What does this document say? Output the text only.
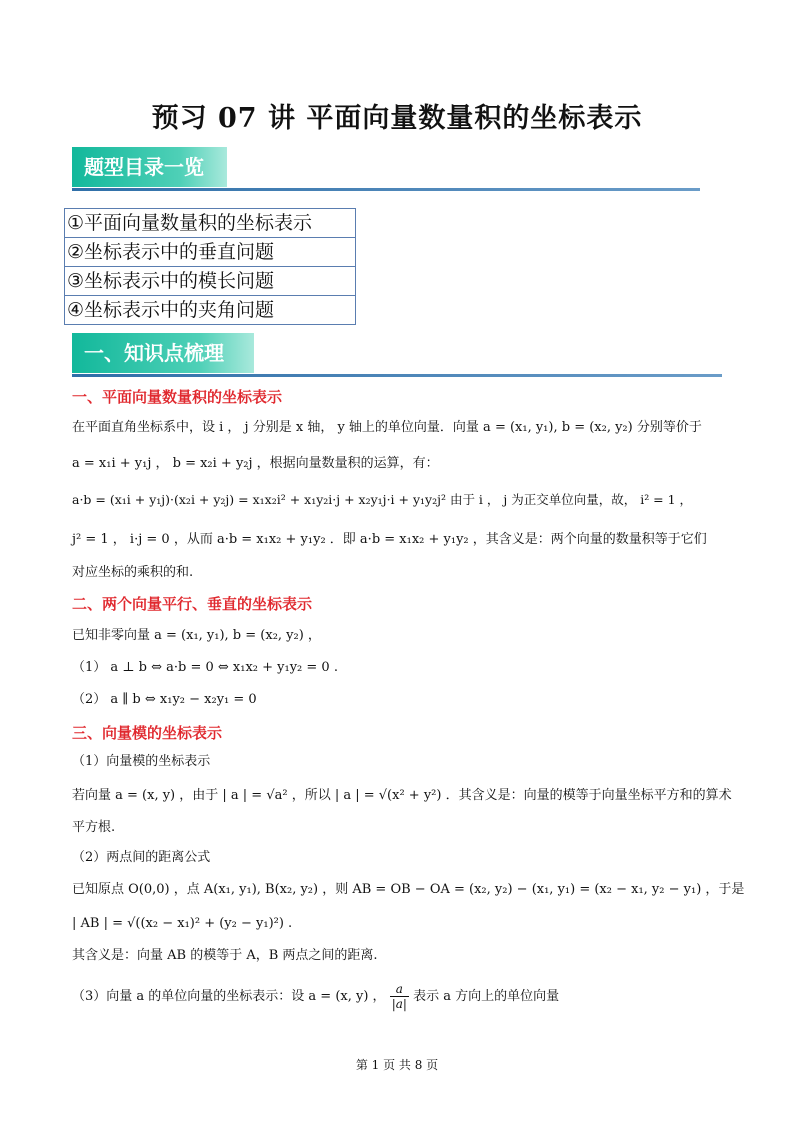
预习 07 讲 平面向量数量积的坐标表示
题型目录一览
①平面向量数量积的坐标表示
②坐标表示中的垂直问题
③坐标表示中的模长问题
④坐标表示中的夹角问题
一、知识点梳理
一、平面向量数量积的坐标表示
在平面直角坐标系中，设 i ， j 分别是 x 轴， y 轴上的单位向量．向量 a = (x₁, y₁), b = (x₂, y₂) 分别等价于
a = x₁i + y₁j ， b = x₂i + y₂j ，根据向量数量积的运算，有：
a·b = (x₁i + y₁j)·(x₂i + y₂j) = x₁x₂i² + x₁y₂i·j + x₂y₁j·i + y₁y₂j² 由于 i ， j 为正交单位向量，故， i² = 1 ，
j² = 1 ， i·j = 0 ，从而 a·b = x₁x₂ + y₁y₂ ．即 a·b = x₁x₂ + y₁y₂ ，其含义是：两个向量的数量积等于它们
对应坐标的乘积的和.
二、两个向量平行、垂直的坐标表示
已知非零向量 a = (x₁, y₁), b = (x₂, y₂) ，
（1） a ⊥ b ⇔ a·b = 0 ⇔ x₁x₂ + y₁y₂ = 0 .
（2） a ∥ b ⇔ x₁y₂ − x₂y₁ = 0
三、向量模的坐标表示
（1）向量模的坐标表示
若向量 a = (x, y) ，由于 | a | = √a² ，所以 | a | = √(x² + y²) ．其含义是：向量的模等于向量坐标平方和的算术
平方根.
（2）两点间的距离公式
已知原点 O(0,0) ，点 A(x₁, y₁), B(x₂, y₂) ，则 AB = OB − OA = (x₂, y₂) − (x₁, y₁) = (x₂ − x₁, y₂ − y₁) ，于是
| AB | = √((x₂ − x₁)² + (y₂ − y₁)²) .
其含义是：向量 AB 的模等于 A，B 两点之间的距离.
（3）向量 a 的单位向量的坐标表示：设 a = (x, y) ， $\frac{a}{|a|}$ 表示 a 方向上的单位向量
第 1 页 共 8 页
